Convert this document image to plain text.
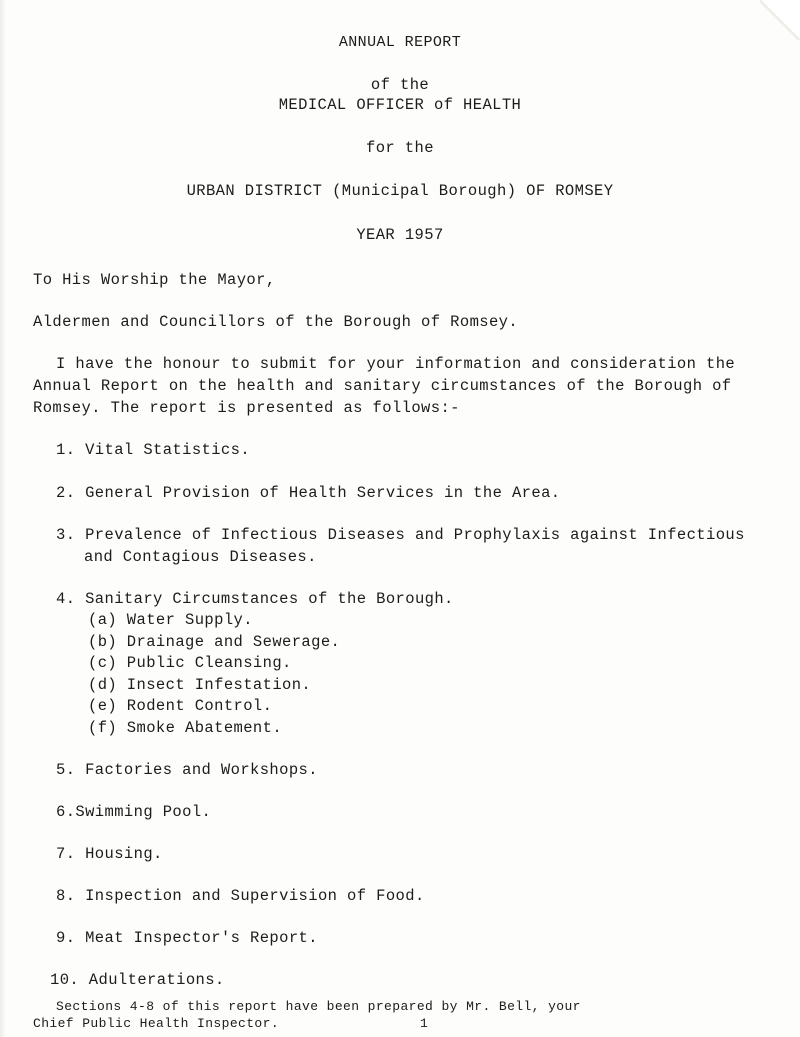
ANNUAL REPORT
of the
MEDICAL OFFICER of HEALTH
for the
URBAN DISTRICT (Municipal Borough) OF ROMSEY
YEAR 1957
To His Worship the Mayor,
Aldermen and Councillors of the Borough of Romsey.
I have the honour to submit for your information and consideration the
Annual Report on the health and sanitary circumstances of the Borough of
Romsey. The report is presented as follows:-
1. Vital Statistics.
2. General Provision of Health Services in the Area.
3. Prevalence of Infectious Diseases and Prophylaxis against Infectious
and Contagious Diseases.
4. Sanitary Circumstances of the Borough.
(a) Water Supply.
(b) Drainage and Sewerage.
(c) Public Cleansing.
(d) Insect Infestation.
(e) Rodent Control.
(f) Smoke Abatement.
5. Factories and Workshops.
6.Swimming Pool.
7. Housing.
8. Inspection and Supervision of Food.
9. Meat Inspector's Report.
10. Adulterations.
Sections 4-8 of this report have been prepared by Mr. Bell, your
Chief Public Health Inspector.	1
